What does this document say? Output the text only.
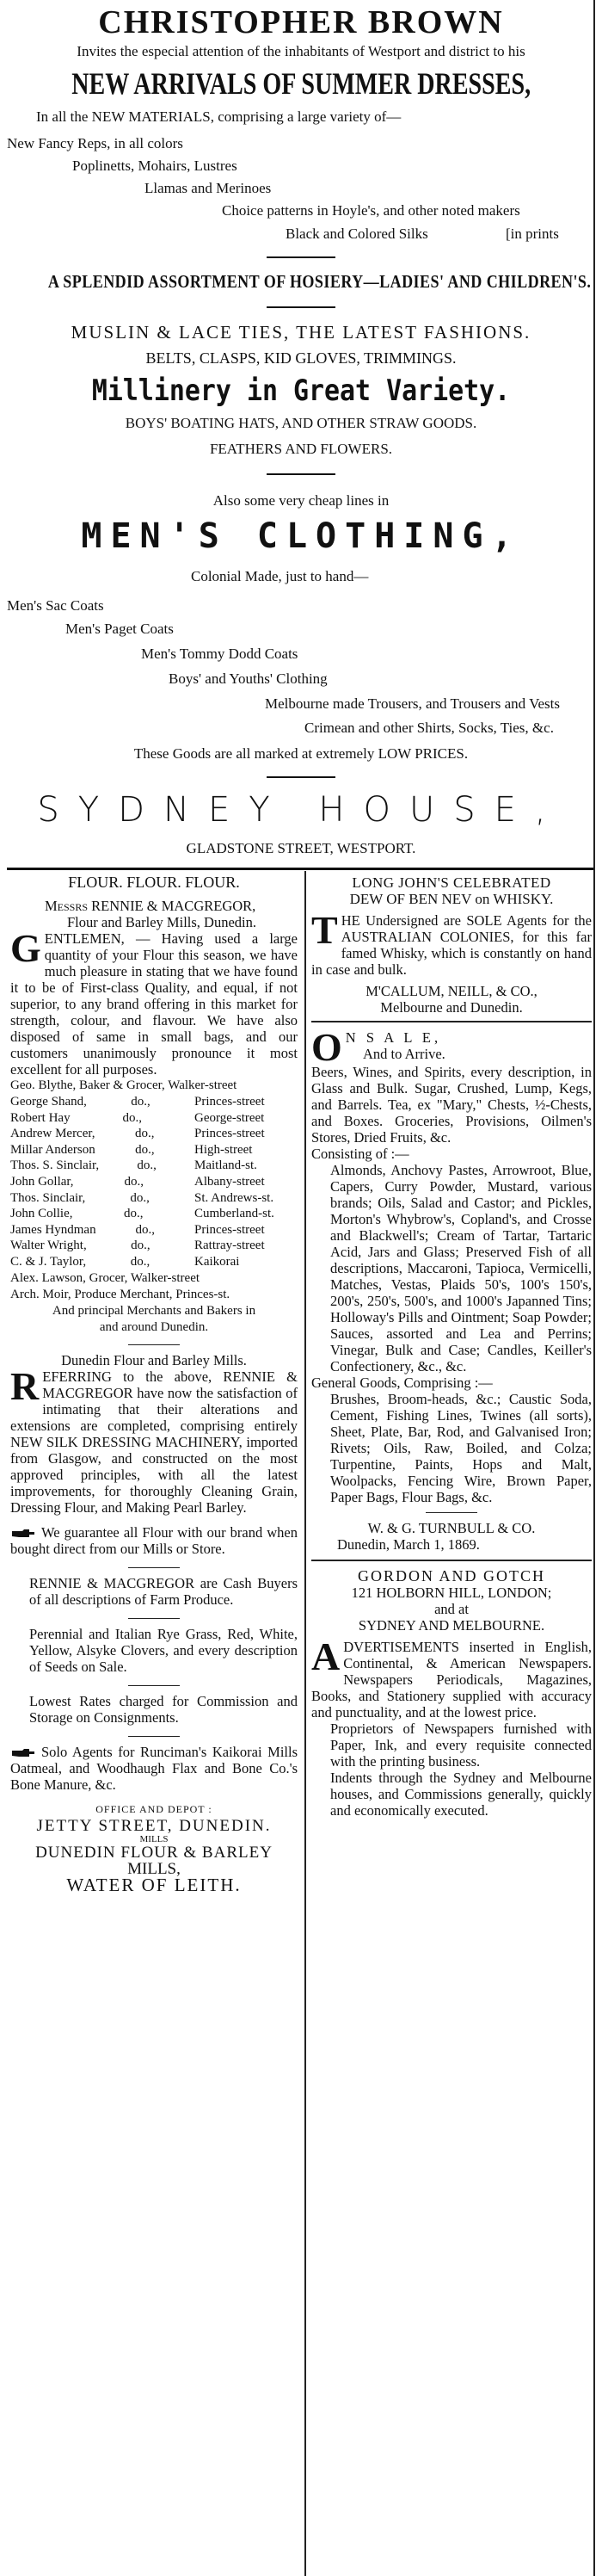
CHRISTOPHER BROWN
Invites the especial attention of the inhabitants of Westport and district to his
NEW ARRIVALS OF SUMMER DRESSES,
In all the NEW MATERIALS, comprising a large variety of—
New Fancy Reps, in all colors
Poplinetts, Mohairs, Lustres
Llamas and Merinoes
Choice patterns in Hoyle's, and other noted makers
Black and Colored Silks	[in prints
A SPLENDID ASSORTMENT OF HOSIERY—LADIES' AND CHILDREN'S.
MUSLIN & LACE TIES, THE LATEST FASHIONS.
BELTS, CLASPS, KID GLOVES, TRIMMINGS.
Millinery in Great Variety.
BOYS' BOATING HATS, AND OTHER STRAW GOODS.
FEATHERS AND FLOWERS.
Also some very cheap lines in
MEN'S CLOTHING,
Colonial Made, just to hand—
Men's Sac Coats
Men's Paget Coats
Men's Tommy Dodd Coats
Boys' and Youths' Clothing
Melbourne made Trousers, and Trousers and Vests
Crimean and other Shirts, Socks, Ties, &c.
These Goods are all marked at extremely LOW PRICES.
SYDNEY HOUSE,
GLADSTONE STREET, WESTPORT.
FLOUR. FLOUR. FLOUR.
Messrs RENNIE & MACGREGOR,
Flour and Barley Mills, Dunedin.
GENTLEMEN, — Having used a large quantity of your Flour this season, we have much pleasure in stating that we have found it to be of First-class Quality, and equal, if not superior, to any brand offering in this market for strength, colour, and flavour. We have also disposed of same in small bags, and our customers unanimously pronounce it most excellent for all purposes.
Geo. Blythe, Baker & Grocer, Walker-street
George Shand,	do.,	Princes-street
Robert Hay	do.,	George-street
Andrew Mercer,	do.,	Princes-street
Millar Anderson	do.,	High-street
Thos. S. Sinclair,	do.,	Maitland-st.
John Gollar,	do.,	Albany-street
Thos. Sinclair,	do.,	St. Andrews-st.
John Collie,	do.,	Cumberland-st.
James Hyndman	do.,	Princes-street
Walter Wright,	do.,	Rattray-street
C. & J. Taylor,	do.,	Kaikorai
Alex. Lawson, Grocer, Walker-street
Arch. Moir, Produce Merchant, Princes-st.
And principal Merchants and Bakers in
and around Dunedin.
Dunedin Flour and Barley Mills.
REFERRING to the above, RENNIE & MACGREGOR have now the satisfaction of intimating that their alterations and extensions are completed, comprising entirely NEW SILK DRESSING MACHINERY, imported from Glasgow, and constructed on the most approved principles, with all the latest improvements, for thoroughly Cleaning Grain, Dressing Flour, and Making Pearl Barley.
We guarantee all Flour with our brand when bought direct from our Mills or Store.
RENNIE & MACGREGOR are Cash Buyers of all descriptions of Farm Produce.
Perennial and Italian Rye Grass, Red, White, Yellow, Alsyke Clovers, and every description of Seeds on Sale.
Lowest Rates charged for Commission and Storage on Consignments.
Solo Agents for Runciman's Kaikorai Mills Oatmeal, and Woodhaugh Flax and Bone Co.'s Bone Manure, &c.
OFFICE AND DEPOT :
JETTY STREET, DUNEDIN.
MILLS
DUNEDIN FLOUR & BARLEY
MILLS,
WATER OF LEITH.
LONG JOHN'S CELEBRATED
DEW OF BEN NEV on WHISKY.
THE Undersigned are SOLE Agents for the AUSTRALIAN COLONIES, for this far famed Whisky, which is constantly on hand in case and bulk.
M'CALLUM, NEILL, & CO.,
Melbourne and Dunedin.
O N S A L E,
And to Arrive.
Beers, Wines, and Spirits, every description, in Glass and Bulk. Sugar, Crushed, Lump, Kegs, and Barrels. Tea, ex "Mary," Chests, ½-Chests, and Boxes. Groceries, Provisions, Oilmen's Stores, Dried Fruits, &c.
Consisting of :—
Almonds, Anchovy Pastes, Arrowroot, Blue, Capers, Curry Powder, Mustard, various brands; Oils, Salad and Castor; and Pickles, Morton's Whybrow's, Copland's, and Crosse and Blackwell's; Cream of Tartar, Tartaric Acid, Jars and Glass; Preserved Fish of all descriptions, Maccaroni, Tapioca, Vermicelli, Matches, Vestas, Plaids 50's, 100's 150's, 200's, 250's, 500's, and 1000's Japanned Tins; Holloway's Pills and Ointment; Soap Powder; Sauces, assorted and Lea and Perrins; Vinegar, Bulk and Case; Candles, Keiller's Confectionery, &c., &c.
General Goods, Comprising :—
Brushes, Broom-heads, &c.; Caustic Soda, Cement, Fishing Lines, Twines (all sorts), Sheet, Plate, Bar, Rod, and Galvanised Iron; Rivets; Oils, Raw, Boiled, and Colza; Turpentine, Paints, Hops and Malt, Woolpacks, Fencing Wire, Brown Paper, Paper Bags, Flour Bags, &c.
W. & G. TURNBULL & CO.
Dunedin, March 1, 1869.
GORDON AND GOTCH
121 HOLBORN HILL, LONDON;
and at
SYDNEY AND MELBOURNE.
ADVERTISEMENTS inserted in English, Continental, & American Newspapers. Newspapers Periodicals, Magazines, Books, and Stationery supplied with accuracy and punctuality, and at the lowest price.
Proprietors of Newspapers furnished with Paper, Ink, and every requisite connected with the printing business.
Indents through the Sydney and Melbourne houses, and Commissions generally, quickly and economically executed.
